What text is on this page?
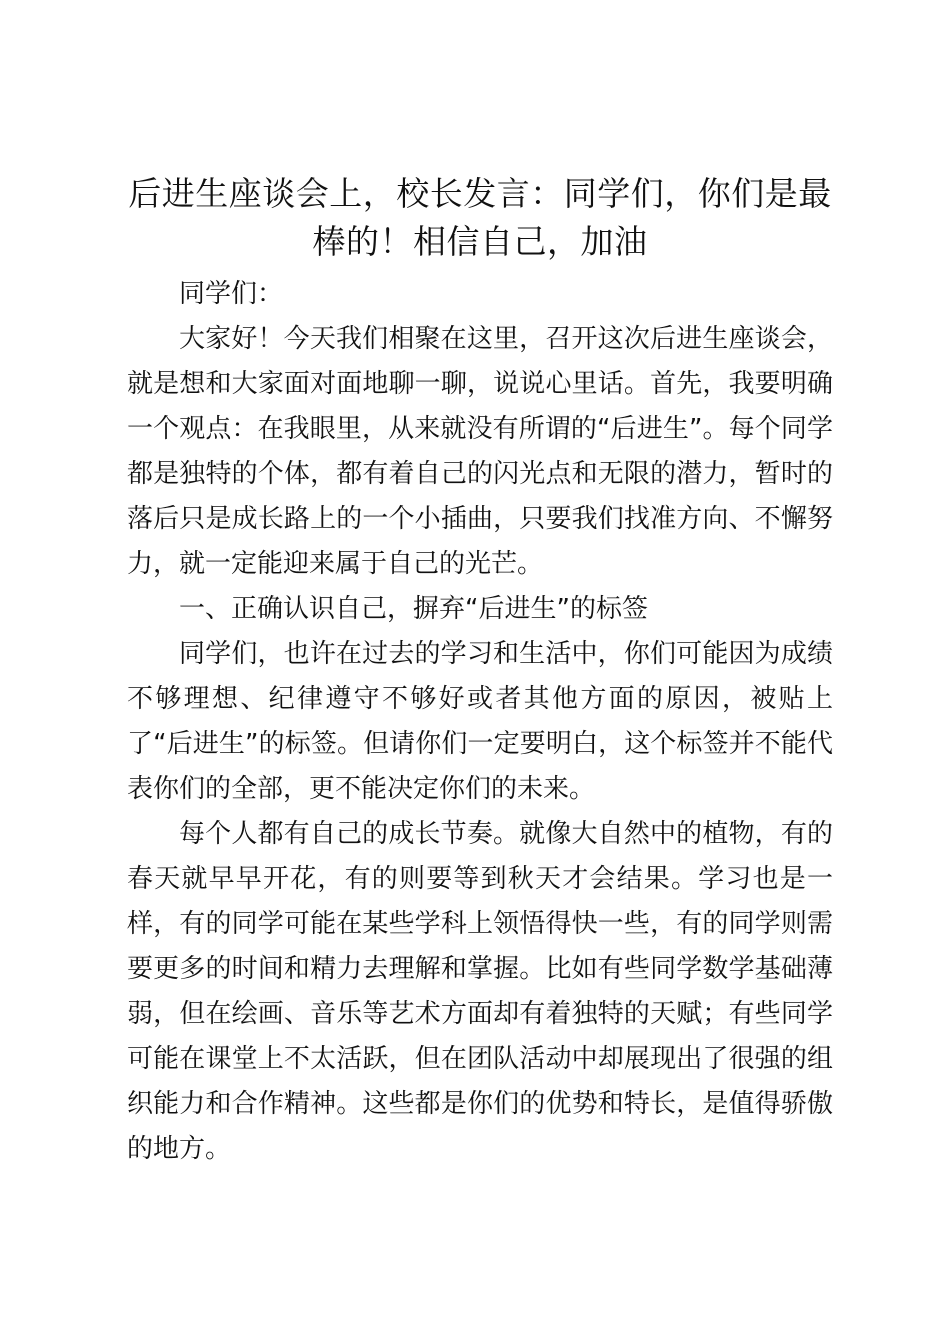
后进生座谈会上，校长发言：同学们，你们是最棒的！相信自己，加油

同学们：

大家好！今天我们相聚在这里，召开这次后进生座谈会，就是想和大家面对面地聊一聊，说说心里话。首先，我要明确一个观点：在我眼里，从来就没有所谓的“后进生”。每个同学都是独特的个体，都有着自己的闪光点和无限的潜力，暂时的落后只是成长路上的一个小插曲，只要我们找准方向、不懈努力，就一定能迎来属于自己的光芒。

一、正确认识自己，摒弃“后进生”的标签

同学们，也许在过去的学习和生活中，你们可能因为成绩不够理想、纪律遵守不够好或者其他方面的原因，被贴上了“后进生”的标签。但请你们一定要明白，这个标签并不能代表你们的全部，更不能决定你们的未来。

每个人都有自己的成长节奏。就像大自然中的植物，有的春天就早早开花，有的则要等到秋天才会结果。学习也是一样，有的同学可能在某些学科上领悟得快一些，有的同学则需要更多的时间和精力去理解和掌握。比如有些同学数学基础薄弱，但在绘画、音乐等艺术方面却有着独特的天赋；有些同学可能在课堂上不太活跃，但在团队活动中却展现出了很强的组织能力和合作精神。这些都是你们的优势和特长，是值得骄傲的地方。
